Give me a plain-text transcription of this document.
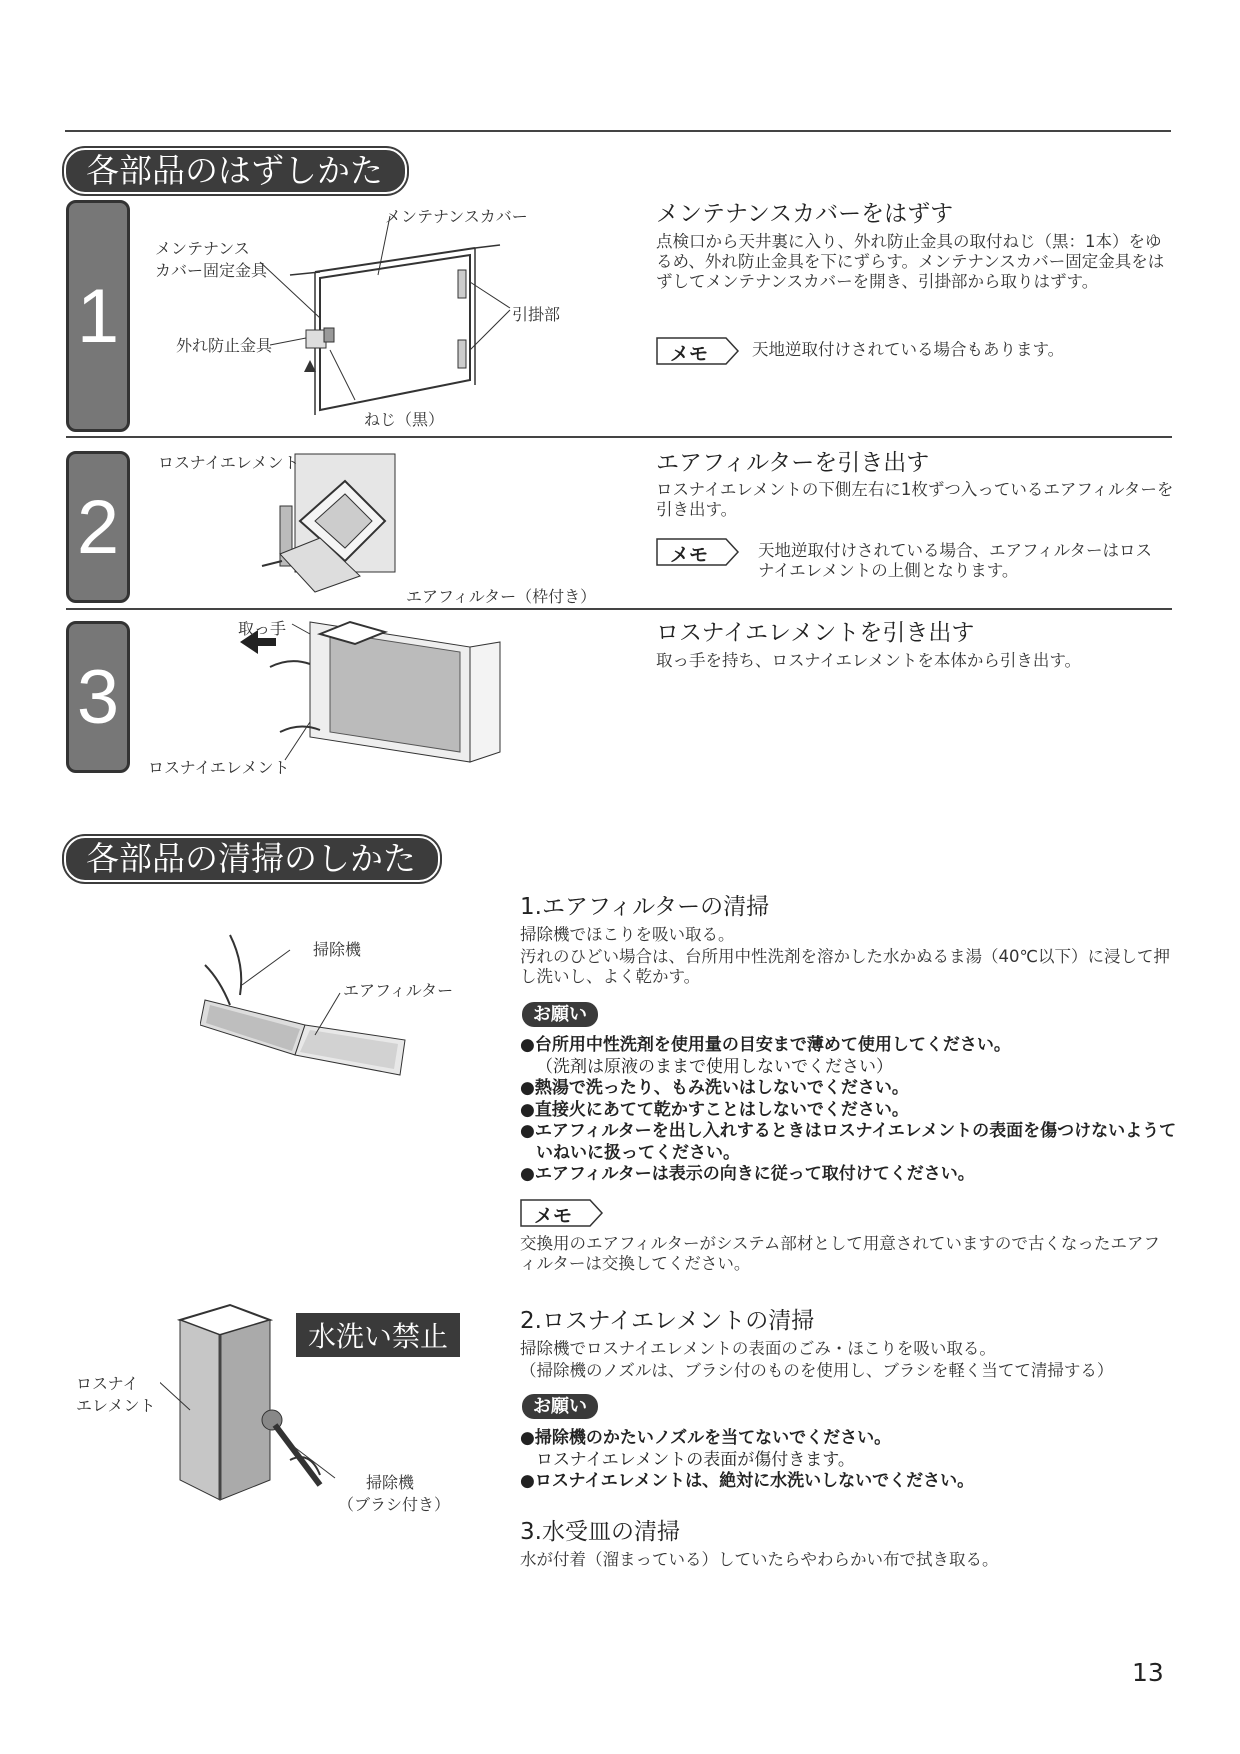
各部品のはずしかた
1
メンテナンスカバー
メンテナンス
カバー固定金具
引掛部
外れ防止金具
ねじ（黒）
メンテナンスカバーをはずす
点検口から天井裏に入り、外れ防止金具の取付ねじ（黒：1本）をゆるめ、外れ防止金具を下にずらす。メンテナンスカバー固定金具をはずしてメンテナンスカバーを開き、引掛部から取りはずす。
メモ	天地逆取付けされている場合もあります。
2
ロスナイエレメント
エアフィルター（枠付き）
エアフィルターを引き出す
ロスナイエレメントの下側左右に1枚ずつ入っているエアフィルターを引き出す。
メモ	天地逆取付けされている場合、エアフィルターはロスナイエレメントの上側となります。
3
取っ手
ロスナイエレメント
ロスナイエレメントを引き出す
取っ手を持ち、ロスナイエレメントを本体から引き出す。
各部品の清掃のしかた
掃除機
エアフィルター
1.エアフィルターの清掃
掃除機でほこりを吸い取る。
汚れのひどい場合は、台所用中性洗剤を溶かした水かぬるま湯（40℃以下）に浸して押し洗いし、よく乾かす。
お願い
●台所用中性洗剤を使用量の目安まで薄めて使用してください。
（洗剤は原液のままで使用しないでください）
●熱湯で洗ったり、もみ洗いはしないでください。
●直接火にあてて乾かすことはしないでください。
●エアフィルターを出し入れするときはロスナイエレメントの表面を傷つけないようていねいに扱ってください。
●エアフィルターは表示の向きに従って取付けてください。
メモ
交換用のエアフィルターがシステム部材として用意されていますので古くなったエアフィルターは交換してください。
水洗い禁止
ロスナイ
エレメント
掃除機
（ブラシ付き）
2.ロスナイエレメントの清掃
掃除機でロスナイエレメントの表面のごみ・ほこりを吸い取る。
（掃除機のノズルは、ブラシ付のものを使用し、ブラシを軽く当てて清掃する）
お願い
●掃除機のかたいノズルを当てないでください。
ロスナイエレメントの表面が傷付きます。
●ロスナイエレメントは、絶対に水洗いしないでください。
3.水受皿の清掃
水が付着（溜まっている）していたらやわらかい布で拭き取る。
13
